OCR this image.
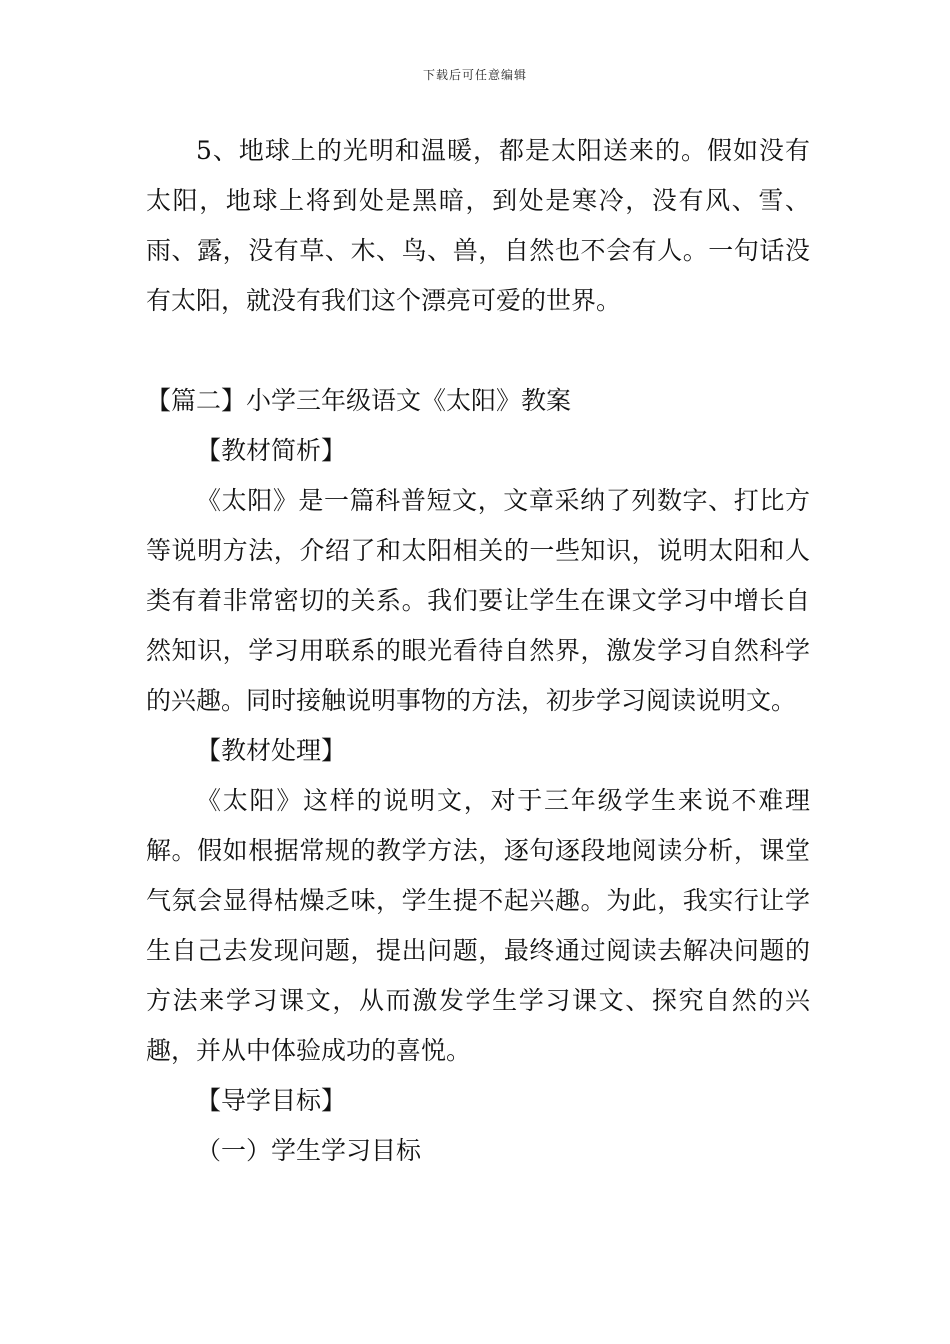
下载后可任意编辑

5、地球上的光明和温暖，都是太阳送来的。假如没有太阳，地球上将到处是黑暗，到处是寒冷，没有风、雪、雨、露，没有草、木、鸟、兽，自然也不会有人。一句话没有太阳，就没有我们这个漂亮可爱的世界。

【篇二】小学三年级语文《太阳》教案

【教材简析】

《太阳》是一篇科普短文，文章采纳了列数字、打比方等说明方法，介绍了和太阳相关的一些知识，说明太阳和人类有着非常密切的关系。我们要让学生在课文学习中增长自然知识，学习用联系的眼光看待自然界，激发学习自然科学的兴趣。同时接触说明事物的方法，初步学习阅读说明文。

【教材处理】

《太阳》这样的说明文，对于三年级学生来说不难理解。假如根据常规的教学方法，逐句逐段地阅读分析，课堂气氛会显得枯燥乏味，学生提不起兴趣。为此，我实行让学生自己去发现问题，提出问题，最终通过阅读去解决问题的方法来学习课文，从而激发学生学习课文、探究自然的兴趣，并从中体验成功的喜悦。

【导学目标】

（一）学生学习目标
